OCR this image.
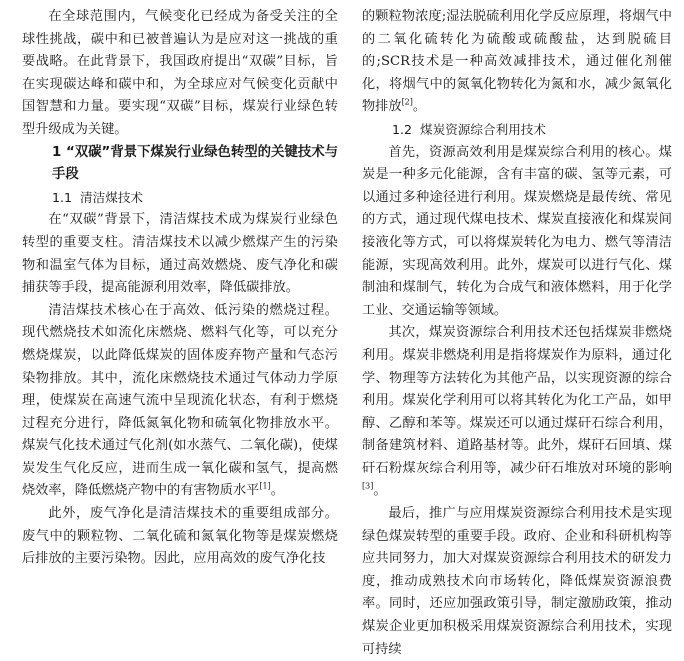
在全球范围内，气候变化已经成为备受关注的全球性挑战，碳中和已被普遍认为是应对这一挑战的重要战略。在此背景下，我国政府提出“双碳”目标，旨在实现碳达峰和碳中和，为全球应对气候变化贡献中国智慧和力量。要实现“双碳”目标，煤炭行业绿色转型升级成为关键。

1 “双碳”背景下煤炭行业绿色转型的关键技术与手段
1.1 清洁煤技术

在“双碳”背景下，清洁煤技术成为煤炭行业绿色转型的重要支柱。清洁煤技术以减少燃煤产生的污染物和温室气体为目标，通过高效燃烧、废气净化和碳捕获等手段，提高能源利用效率，降低碳排放。

清洁煤技术核心在于高效、低污染的燃烧过程。现代燃烧技术如流化床燃烧、燃料气化等，可以充分燃烧煤炭，以此降低煤炭的固体废弃物产量和气态污染物排放。其中，流化床燃烧技术通过气体动力学原理，使煤炭在高速气流中呈现流化状态，有利于燃烧过程充分进行，降低氮氧化物和硫氧化物排放水平。煤炭气化技术通过气化剂(如水蒸气、二氧化碳)，使煤炭发生气化反应，进而生成一氧化碳和氢气，提高燃烧效率，降低燃烧产物中的有害物质水平[1]。

此外，废气净化是清洁煤技术的重要组成部分。废气中的颗粒物、二氧化硫和氮氧化物等是煤炭燃烧后排放的主要污染物。因此，应用高效的废气净化技

的颗粒物浓度;湿法脱硫利用化学反应原理，将烟气中的二氧化硫转化为硫酸或硫酸盐，达到脱硫目的;SCR技术是一种高效减排技术，通过催化剂催化，将烟气中的氮氧化物转化为氮和水，减少氮氧化物排放[2]。

1.2 煤炭资源综合利用技术

首先，资源高效利用是煤炭综合利用的核心。煤炭是一种多元化能源，含有丰富的碳、氢等元素，可以通过多种途径进行利用。煤炭燃烧是最传统、常见的方式，通过现代煤电技术、煤炭直接液化和煤炭间接液化等方式，可以将煤炭转化为电力、燃气等清洁能源，实现高效利用。此外，煤炭可以进行气化、煤制油和煤制气，转化为合成气和液体燃料，用于化学工业、交通运输等领域。

其次，煤炭资源综合利用技术还包括煤炭非燃烧利用。煤炭非燃烧利用是指将煤炭作为原料，通过化学、物理等方法转化为其他产品，以实现资源的综合利用。煤炭化学利用可以将其转化为化工产品，如甲醇、乙醇和苯等。煤炭还可以通过煤矸石综合利用，制备建筑材料、道路基材等。此外，煤矸石回填、煤矸石粉煤灰综合利用等，减少矸石堆放对环境的影响[3]。

最后，推广与应用煤炭资源综合利用技术是实现绿色煤炭转型的重要手段。政府、企业和科研机构等应共同努力，加大对煤炭资源综合利用技术的研发力度，推动成熟技术向市场转化，降低煤炭资源浪费率。同时，还应加强政策引导，制定激励政策，推动煤炭企业更加积极采用煤炭资源综合利用技术，实现可持续
